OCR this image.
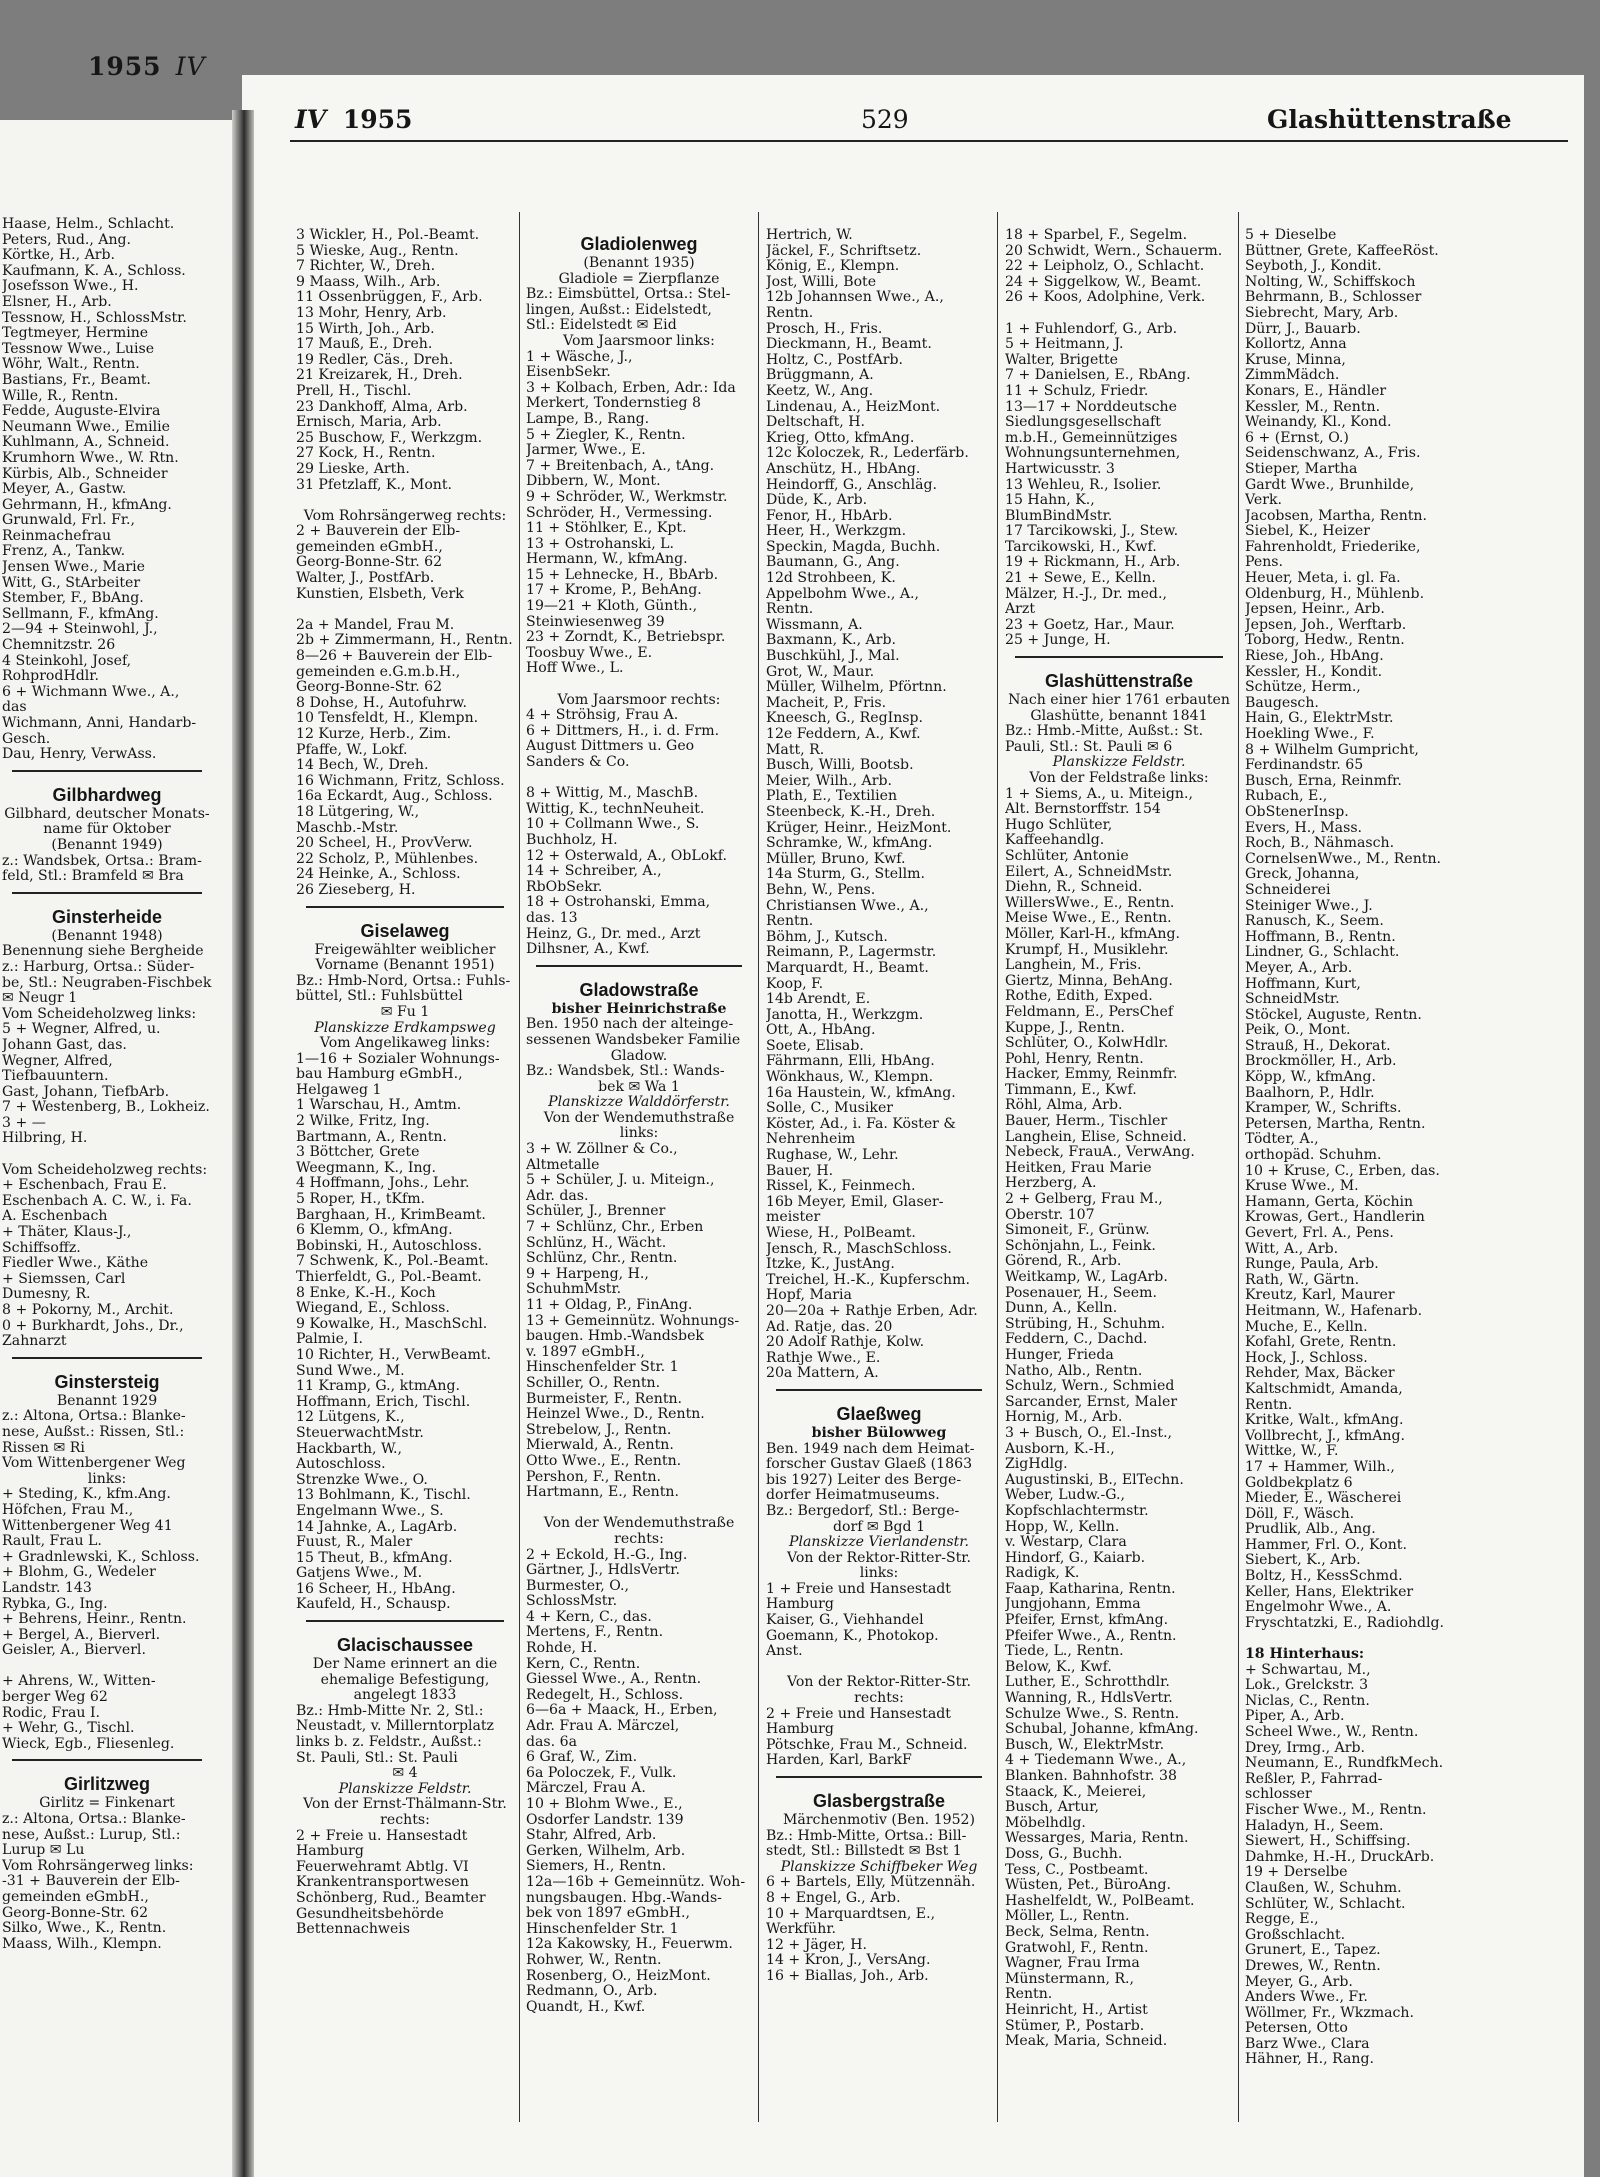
1955 IV
IV 1955	529	Glashüttenstraße
Haase, Helm., Schlacht.
Peters, Rud., Ang.
Körtke, H., Arb.
Kaufmann, K. A., Schloss.
Josefsson Wwe., H.
Elsner, H., Arb.
Tessnow, H., SchlossMstr.
Tegtmeyer, Hermine
Tessnow Wwe., Luise
Wöhr, Walt., Rentn.
Bastians, Fr., Beamt.
Wille, R., Rentn.
Fedde, Auguste-Elvira
Neumann Wwe., Emilie
Kuhlmann, A., Schneid.
Krumhorn Wwe., W. Rtn.
Kürbis, Alb., Schneider
Meyer, A., Gastw.
Gehrmann, H., kfmAng.
Grunwald, Frl. Fr.,
Reinmachefrau
Frenz, A., Tankw.
Jensen Wwe., Marie
Witt, G., StArbeiter
Stember, F., BbAng.
Sellmann, F., kfmAng.
2—94 + Steinwohl, J.,
Chemnitzstr. 26
4 Steinkohl, Josef,
RohprodHdlr.
6 + Wichmann Wwe., A.,
das
Wichmann, Anni, Handarb-
Gesch.
Dau, Henry, VerwAss.
Gilbhardweg
Gilbhard, deutscher Monats-
name für Oktober
(Benannt 1949)
z.: Wandsbek, Ortsa.: Bram-
feld, Stl.: Bramfeld ✉ Bra
Ginsterheide
(Benannt 1948)
Benennung siehe Bergheide
z.: Harburg, Ortsa.: Süder-
be, Stl.: Neugraben-Fischbek
✉ Neugr 1
Vom Scheideholzweg links:
5 + Wegner, Alfred, u.
Johann Gast, das.
Wegner, Alfred,
Tiefbauuntern.
Gast, Johann, TiefbArb.
7 + Westenberg, B., Lokheiz.
3 + —
Hilbring, H.

Vom Scheideholzweg rechts:
+ Eschenbach, Frau E.
Eschenbach A. C. W., i. Fa.
A. Eschenbach
+ Thäter, Klaus-J.,
Schiffsoffz.
Fiedler Wwe., Käthe
+ Siemssen, Carl
Dumesny, R.
8 + Pokorny, M., Archit.
0 + Burkhardt, Johs., Dr.,
Zahnarzt
Ginstersteig
Benannt 1929
z.: Altona, Ortsa.: Blanke-
nese, Außst.: Rissen, Stl.:
Rissen ✉ Ri
Vom Wittenbergener Weg
links:
+ Steding, K., kfm.Ang.
Höfchen, Frau M.,
Wittenbergener Weg 41
Rault, Frau L.
+ Gradnlewski, K., Schloss.
+ Blohm, G., Wedeler
Landstr. 143
Rybka, G., Ing.
+ Behrens, Heinr., Rentn.
+ Bergel, A., Bierverl.
Geisler, A., Bierverl.

+ Ahrens, W., Witten-
berger Weg 62
Rodic, Frau I.
+ Wehr, G., Tischl.
Wieck, Egb., Fliesenleg.
Girlitzweg
Girlitz = Finkenart
z.: Altona, Ortsa.: Blanke-
nese, Außst.: Lurup, Stl.:
Lurup ✉ Lu
Vom Rohrsängerweg links:
-31 + Bauverein der Elb-
gemeinden eGmbH.,
Georg-Bonne-Str. 62
Silko, Wwe., K., Rentn.
Maass, Wilh., Klempn.
3 Wickler, H., Pol.-Beamt.
5 Wieske, Aug., Rentn.
7 Richter, W., Dreh.
9 Maass, Wilh., Arb.
11 Ossenbrüggen, F., Arb.
13 Mohr, Henry, Arb.
15 Wirth, Joh., Arb.
17 Mauß, E., Dreh.
19 Redler, Cäs., Dreh.
21 Kreizarek, H., Dreh.
Prell, H., Tischl.
23 Dankhoff, Alma, Arb.
Ernisch, Maria, Arb.
25 Buschow, F., Werkzgm.
27 Kock, H., Rentn.
29 Lieske, Arth.
31 Pfetzlaff, K., Mont.

Vom Rohrsängerweg rechts:
2 + Bauverein der Elb-
gemeinden eGmbH.,
Georg-Bonne-Str. 62
Walter, J., PostfArb.
Kunstien, Elsbeth, Verk

2a + Mandel, Frau M.
2b + Zimmermann, H., Rentn.
8—26 + Bauverein der Elb-
gemeinden e.G.m.b.H.,
Georg-Bonne-Str. 62
8 Dohse, H., Autofuhrw.
10 Tensfeldt, H., Klempn.
12 Kurze, Herb., Zim.
Pfaffe, W., Lokf.
14 Bech, W., Dreh.
16 Wichmann, Fritz, Schloss.
16a Eckardt, Aug., Schloss.
18 Lütgering, W.,
Maschb.-Mstr.
20 Scheel, H., ProvVerw.
22 Scholz, P., Mühlenbes.
24 Heinke, A., Schloss.
26 Zieseberg, H.
Giselaweg
Freigewählter weiblicher
Vorname (Benannt 1951)
Bz.: Hmb-Nord, Ortsa.: Fuhls-
büttel, Stl.: Fuhlsbüttel
✉ Fu 1
Planskizze Erdkampsweg
Vom Angelikaweg links:
1—16 + Sozialer Wohnungs-
bau Hamburg eGmbH.,
Helgaweg 1
1 Warschau, H., Amtm.
2 Wilke, Fritz, Ing.
Bartmann, A., Rentn.
3 Böttcher, Grete
Weegmann, K., Ing.
4 Hoffmann, Johs., Lehr.
5 Roper, H., tKfm.
Barghaan, H., KrimBeamt.
6 Klemm, O., kfmAng.
Bobinski, H., Autoschloss.
7 Schwenk, K., Pol.-Beamt.
Thierfeldt, G., Pol.-Beamt.
8 Enke, K.-H., Koch
Wiegand, E., Schloss.
9 Kowalke, H., MaschSchl.
Palmie, I.
10 Richter, H., VerwBeamt.
Sund Wwe., M.
11 Kramp, G., ktmAng.
Hoffmann, Erich, Tischl.
12 Lütgens, K.,
SteuerwachtMstr.
Hackbarth, W.,
Autoschloss.
Strenzke Wwe., O.
13 Bohlmann, K., Tischl.
Engelmann Wwe., S.
14 Jahnke, A., LagArb.
Fuust, R., Maler
15 Theut, B., kfmAng.
Gatjens Wwe., M.
16 Scheer, H., HbAng.
Kaufeld, H., Schausp.
Glacischaussee
Der Name erinnert an die
ehemalige Befestigung,
angelegt 1833
Bz.: Hmb-Mitte Nr. 2, Stl.:
Neustadt, v. Millerntorplatz
links b. z. Feldstr., Außst.:
St. Pauli, Stl.: St. Pauli
✉ 4
Planskizze Feldstr.
Von der Ernst-Thälmann-Str.
rechts:
2 + Freie u. Hansestadt
Hamburg
Feuerwehramt Abtlg. VI
Krankentransportwesen
Schönberg, Rud., Beamter
Gesundheitsbehörde
Bettennachweis
Gladiolenweg
(Benannt 1935)
Gladiole = Zierpflanze
Bz.: Eimsbüttel, Ortsa.: Stel-
lingen, Außst.: Eidelstedt,
Stl.: Eidelstedt ✉ Eid
Vom Jaarsmoor links:
1 + Wäsche, J.,
EisenbSekr.
3 + Kolbach, Erben, Adr.: Ida
Merkert, Tondernstieg 8
Lampe, B., Rang.
5 + Ziegler, K., Rentn.
Jarmer, Wwe., E.
7 + Breitenbach, A., tAng.
Dibbern, W., Mont.
9 + Schröder, W., Werkmstr.
Schröder, H., Vermessing.
11 + Stöhlker, E., Kpt.
13 + Ostrohanski, L.
Hermann, W., kfmAng.
15 + Lehnecke, H., BbArb.
17 + Krome, P., BehAng.
19—21 + Kloth, Günth.,
Steinwiesenweg 39
23 + Zorndt, K., Betriebspr.
Toosbuy Wwe., E.
Hoff Wwe., L.

Vom Jaarsmoor rechts:
4 + Ströhsig, Frau A.
6 + Dittmers, H., i. d. Frm.
August Dittmers u. Geo
Sanders & Co.

8 + Wittig, M., MaschB.
Wittig, K., technNeuheit.
10 + Collmann Wwe., S.
Buchholz, H.
12 + Osterwald, A., ObLokf.
14 + Schreiber, A.,
RbObSekr.
18 + Ostrohanski, Emma,
das. 13
Heinz, G., Dr. med., Arzt
Dilhsner, A., Kwf.
Gladowstraße
bisher Heinrichstraße
Ben. 1950 nach der alteinge-
sessenen Wandsbeker Familie
Gladow.
Bz.: Wandsbek, Stl.: Wands-
bek ✉ Wa 1
Planskizze Walddörferstr.
Von der Wendemuthstraße
links:
3 + W. Zöllner & Co.,
Altmetalle
5 + Schüler, J. u. Miteign.,
Adr. das.
Schüler, J., Brenner
7 + Schlünz, Chr., Erben
Schlünz, H., Wächt.
Schlünz, Chr., Rentn.
9 + Harpeng, H.,
SchuhmMstr.
11 + Oldag, P., FinAng.
13 + Gemeinnütz. Wohnungs-
baugen. Hmb.-Wandsbek
v. 1897 eGmbH.,
Hinschenfelder Str. 1
Schiller, O., Rentn.
Burmeister, F., Rentn.
Heinzel Wwe., D., Rentn.
Strebelow, J., Rentn.
Mierwald, A., Rentn.
Otto Wwe., E., Rentn.
Pershon, F., Rentn.
Hartmann, E., Rentn.

Von der Wendemuthstraße
rechts:
2 + Eckold, H.-G., Ing.
Gärtner, J., HdlsVertr.
Burmester, O.,
SchlossMstr.
4 + Kern, C., das.
Mertens, F., Rentn.
Rohde, H.
Kern, C., Rentn.
Giessel Wwe., A., Rentn.
Redegelt, H., Schloss.
6—6a + Maack, H., Erben,
Adr. Frau A. Märczel,
das. 6a
6 Graf, W., Zim.
6a Poloczek, F., Vulk.
Märczel, Frau A.
10 + Blohm Wwe., E.,
Osdorfer Landstr. 139
Stahr, Alfred, Arb.
Gerken, Wilhelm, Arb.
Siemers, H., Rentn.
12a—16b + Gemeinnütz. Woh-
nungsbaugen. Hbg.-Wands-
bek von 1897 eGmbH.,
Hinschenfelder Str. 1
12a Kakowsky, H., Feuerwm.
Rohwer, W., Rentn.
Rosenberg, O., HeizMont.
Redmann, O., Arb.
Quandt, H., Kwf.
Hertrich, W.
Jäckel, F., Schriftsetz.
König, E., Klempn.
Jost, Willi, Bote
12b Johannsen Wwe., A.,
Rentn.
Prosch, H., Fris.
Dieckmann, H., Beamt.
Holtz, C., PostfArb.
Brüggmann, A.
Keetz, W., Ang.
Lindenau, A., HeizMont.
Deltschaft, H.
Krieg, Otto, kfmAng.
12c Koloczek, R., Lederfärb.
Anschütz, H., HbAng.
Heindorff, G., Anschläg.
Düde, K., Arb.
Fenor, H., HbArb.
Heer, H., Werkzgm.
Speckin, Magda, Buchh.
Baumann, G., Ang.
12d Strohbeen, K.
Appelbohm Wwe., A.,
Rentn.
Wissmann, A.
Baxmann, K., Arb.
Buschkühl, J., Mal.
Grot, W., Maur.
Müller, Wilhelm, Pförtnn.
Macheit, P., Fris.
Kneesch, G., RegInsp.
12e Feddern, A., Kwf.
Matt, R.
Busch, Willi, Bootsb.
Meier, Wilh., Arb.
Plath, E., Textilien
Steenbeck, K.-H., Dreh.
Krüger, Heinr., HeizMont.
Schramke, W., kfmAng.
Müller, Bruno, Kwf.
14a Sturm, G., Stellm.
Behn, W., Pens.
Christiansen Wwe., A.,
Rentn.
Böhm, J., Kutsch.
Reimann, P., Lagermstr.
Marquardt, H., Beamt.
Koop, F.
14b Arendt, E.
Janotta, H., Werkzgm.
Ott, A., HbAng.
Soete, Elisab.
Fährmann, Elli, HbAng.
Wönkhaus, W., Klempn.
16a Haustein, W., kfmAng.
Solle, C., Musiker
Köster, Ad., i. Fa. Köster &
Nehrenheim
Rughase, W., Lehr.
Bauer, H.
Rissel, K., Feinmech.
16b Meyer, Emil, Glaser-
meister
Wiese, H., PolBeamt.
Jensch, R., MaschSchloss.
Itzke, K., JustAng.
Treichel, H.-K., Kupferschm.
Hopf, Maria
20—20a + Rathje Erben, Adr.
Ad. Ratje, das. 20
20 Adolf Rathje, Kolw.
Rathje Wwe., E.
20a Mattern, A.
Glaeßweg
bisher Bülowweg
Ben. 1949 nach dem Heimat-
forscher Gustav Glaeß (1863
bis 1927) Leiter des Berge-
dorfer Heimatmuseums.
Bz.: Bergedorf, Stl.: Berge-
dorf ✉ Bgd 1
Planskizze Vierlandenstr.
Von der Rektor-Ritter-Str.
links:
1 + Freie und Hansestadt
Hamburg
Kaiser, G., Viehhandel
Goemann, K., Photokop.
Anst.

Von der Rektor-Ritter-Str.
rechts:
2 + Freie und Hansestadt
Hamburg
Pötschke, Frau M., Schneid.
Harden, Karl, BarkF
Glasbergstraße
Märchenmotiv (Ben. 1952)
Bz.: Hmb-Mitte, Ortsa.: Bill-
stedt, Stl.: Billstedt ✉ Bst 1
Planskizze Schiffbeker Weg
6 + Bartels, Elly, Mützennäh.
8 + Engel, G., Arb.
10 + Marquardtsen, E.,
Werkführ.
12 + Jäger, H.
14 + Kron, J., VersAng.
16 + Biallas, Joh., Arb.
18 + Sparbel, F., Segelm.
20 Schwidt, Wern., Schauerm.
22 + Leipholz, O., Schlacht.
24 + Siggelkow, W., Beamt.
26 + Koos, Adolphine, Verk.

1 + Fuhlendorf, G., Arb.
5 + Heitmann, J.
Walter, Brigette
7 + Danielsen, E., RbAng.
11 + Schulz, Friedr.
13—17 + Norddeutsche
Siedlungsgesellschaft
m.b.H., Gemeinnütziges
Wohnungsunternehmen,
Hartwicusstr. 3
13 Wehleu, R., Isolier.
15 Hahn, K.,
BlumBindMstr.
17 Tarcikowski, J., Stew.
Tarcikowski, H., Kwf.
19 + Rickmann, H., Arb.
21 + Sewe, E., Kelln.
Mälzer, H.-J., Dr. med.,
Arzt
23 + Goetz, Har., Maur.
25 + Junge, H.
Glashüttenstraße
Nach einer hier 1761 erbauten
Glashütte, benannt 1841
Bz.: Hmb.-Mitte, Außst.: St.
Pauli, Stl.: St. Pauli ✉ 6
Planskizze Feldstr.
Von der Feldstraße links:
1 + Siems, A., u. Miteign.,
Alt. Bernstorffstr. 154
Hugo Schlüter,
Kaffeehandlg.
Schlüter, Antonie
Eilert, A., SchneidMstr.
Diehn, R., Schneid.
WillersWwe., E., Rentn.
Meise Wwe., E., Rentn.
Möller, Karl-H., kfmAng.
Krumpf, H., Musiklehr.
Langhein, M., Fris.
Giertz, Minna, BehAng.
Rothe, Edith, Exped.
Feldmann, E., PersChef
Kuppe, J., Rentn.
Schlüter, O., KolwHdlr.
Pohl, Henry, Rentn.
Hacker, Emmy, Reinmfr.
Timmann, E., Kwf.
Röhl, Alma, Arb.
Bauer, Herm., Tischler
Langhein, Elise, Schneid.
Nebeck, FrauA., VerwAng.
Heitken, Frau Marie
Herzberg, A.
2 + Gelberg, Frau M.,
Oberstr. 107
Simoneit, F., Grünw.
Schönjahn, L., Feink.
Görend, R., Arb.
Weitkamp, W., LagArb.
Posenauer, H., Seem.
Dunn, A., Kelln.
Strübing, H., Schuhm.
Feddern, C., Dachd.
Hunger, Frieda
Natho, Alb., Rentn.
Schulz, Wern., Schmied
Sarcander, Ernst, Maler
Hornig, M., Arb.
3 + Busch, O., El.-Inst.,
Ausborn, K.-H.,
ZigHdlg.
Augustinski, B., ElTechn.
Weber, Ludw.-G.,
Kopfschlachtermstr.
Hopp, W., Kelln.
v. Westarp, Clara
Hindorf, G., Kaiarb.
Radigk, K.
Faap, Katharina, Rentn.
Jungjohann, Emma
Pfeifer, Ernst, kfmAng.
Pfeifer Wwe., A., Rentn.
Tiede, L., Rentn.
Below, K., Kwf.
Luther, E., Schrotthdlr.
Wanning, R., HdlsVertr.
Schulze Wwe., S. Rentn.
Schubal, Johanne, kfmAng.
Busch, W., ElektrMstr.
4 + Tiedemann Wwe., A.,
Blanken. Bahnhofstr. 38
Staack, K., Meierei,
Busch, Artur,
Möbelhdlg.
Wessarges, Maria, Rentn.
Doss, G., Buchh.
Tess, C., Postbeamt.
Wüsten, Pet., BüroAng.
Hashelfeldt, W., PolBeamt.
Möller, L., Rentn.
Beck, Selma, Rentn.
Gratwohl, F., Rentn.
Wagner, Frau Irma
Münstermann, R.,
Rentn.
Heinricht, H., Artist
Stümer, P., Postarb.
Meak, Maria, Schneid.
5 + Dieselbe
Büttner, Grete, KaffeeRöst.
Seyboth, J., Kondit.
Nolting, W., Schiffskoch
Behrmann, B., Schlosser
Siebrecht, Mary, Arb.
Dürr, J., Bauarb.
Kollortz, Anna
Kruse, Minna,
ZimmMädch.
Konars, E., Händler
Kessler, M., Rentn.
Weinandy, Kl., Kond.
6 + (Ernst, O.)
Seidenschwanz, A., Fris.
Stieper, Martha
Gardt Wwe., Brunhilde,
Verk.
Jacobsen, Martha, Rentn.
Siebel, K., Heizer
Fahrenholdt, Friederike,
Pens.
Heuer, Meta, i. gl. Fa.
Oldenburg, H., Mühlenb.
Jepsen, Heinr., Arb.
Jepsen, Joh., Werftarb.
Toborg, Hedw., Rentn.
Riese, Joh., HbAng.
Kessler, H., Kondit.
Schütze, Herm.,
Baugesch.
Hain, G., ElektrMstr.
Hoekling Wwe., F.
8 + Wilhelm Gumpricht,
Ferdinandstr. 65
Busch, Erna, Reinmfr.
Rubach, E.,
ObStenerInsp.
Evers, H., Mass.
Roch, B., Nähmasch.
CornelsenWwe., M., Rentn.
Greck, Johanna,
Schneiderei
Steiniger Wwe., J.
Ranusch, K., Seem.
Hoffmann, B., Rentn.
Lindner, G., Schlacht.
Meyer, A., Arb.
Hoffmann, Kurt,
SchneidMstr.
Stöckel, Auguste, Rentn.
Peik, O., Mont.
Strauß, H., Dekorat.
Brockmöller, H., Arb.
Köpp, W., kfmAng.
Baalhorn, P., Hdlr.
Kramper, W., Schrifts.
Petersen, Martha, Rentn.
Tödter, A.,
orthopäd. Schuhm.
10 + Kruse, C., Erben, das.
Kruse Wwe., M.
Hamann, Gerta, Köchin
Krowas, Gert., Handlerin
Gevert, Frl. A., Pens.
Witt, A., Arb.
Runge, Paula, Arb.
Rath, W., Gärtn.
Kreutz, Karl, Maurer
Heitmann, W., Hafenarb.
Muche, E., Kelln.
Kofahl, Grete, Rentn.
Hock, J., Schloss.
Rehder, Max, Bäcker
Kaltschmidt, Amanda,
Rentn.
Kritke, Walt., kfmAng.
Vollbrecht, J., kfmAng.
Wittke, W., F.
17 + Hammer, Wilh.,
Goldbekplatz 6
Mieder, E., Wäscherei
Döll, F., Wäsch.
Prudlik, Alb., Ang.
Hammer, Frl. O., Kont.
Siebert, K., Arb.
Boltz, H., KessSchmd.
Keller, Hans, Elektriker
Engelmohr Wwe., A.
Fryschtatzki, E., Radiohdlg.

18 Hinterhaus:
+ Schwartau, M.,
Lok., Grelckstr. 3
Niclas, C., Rentn.
Piper, A., Arb.
Scheel Wwe., W., Rentn.
Drey, Irmg., Arb.
Neumann, E., RundfkMech.
Reßler, P., Fahrrad-
schlosser
Fischer Wwe., M., Rentn.
Haladyn, H., Seem.
Siewert, H., Schiffsing.
Dahmke, H.-H., DruckArb.
19 + Derselbe
Claußen, W., Schuhm.
Schlüter, W., Schlacht.
Regge, E.,
Großschlacht.
Grunert, E., Tapez.
Drewes, W., Rentn.
Meyer, G., Arb.
Anders Wwe., Fr.
Wöllmer, Fr., Wkzmach.
Petersen, Otto
Barz Wwe., Clara
Hähner, H., Rang.
